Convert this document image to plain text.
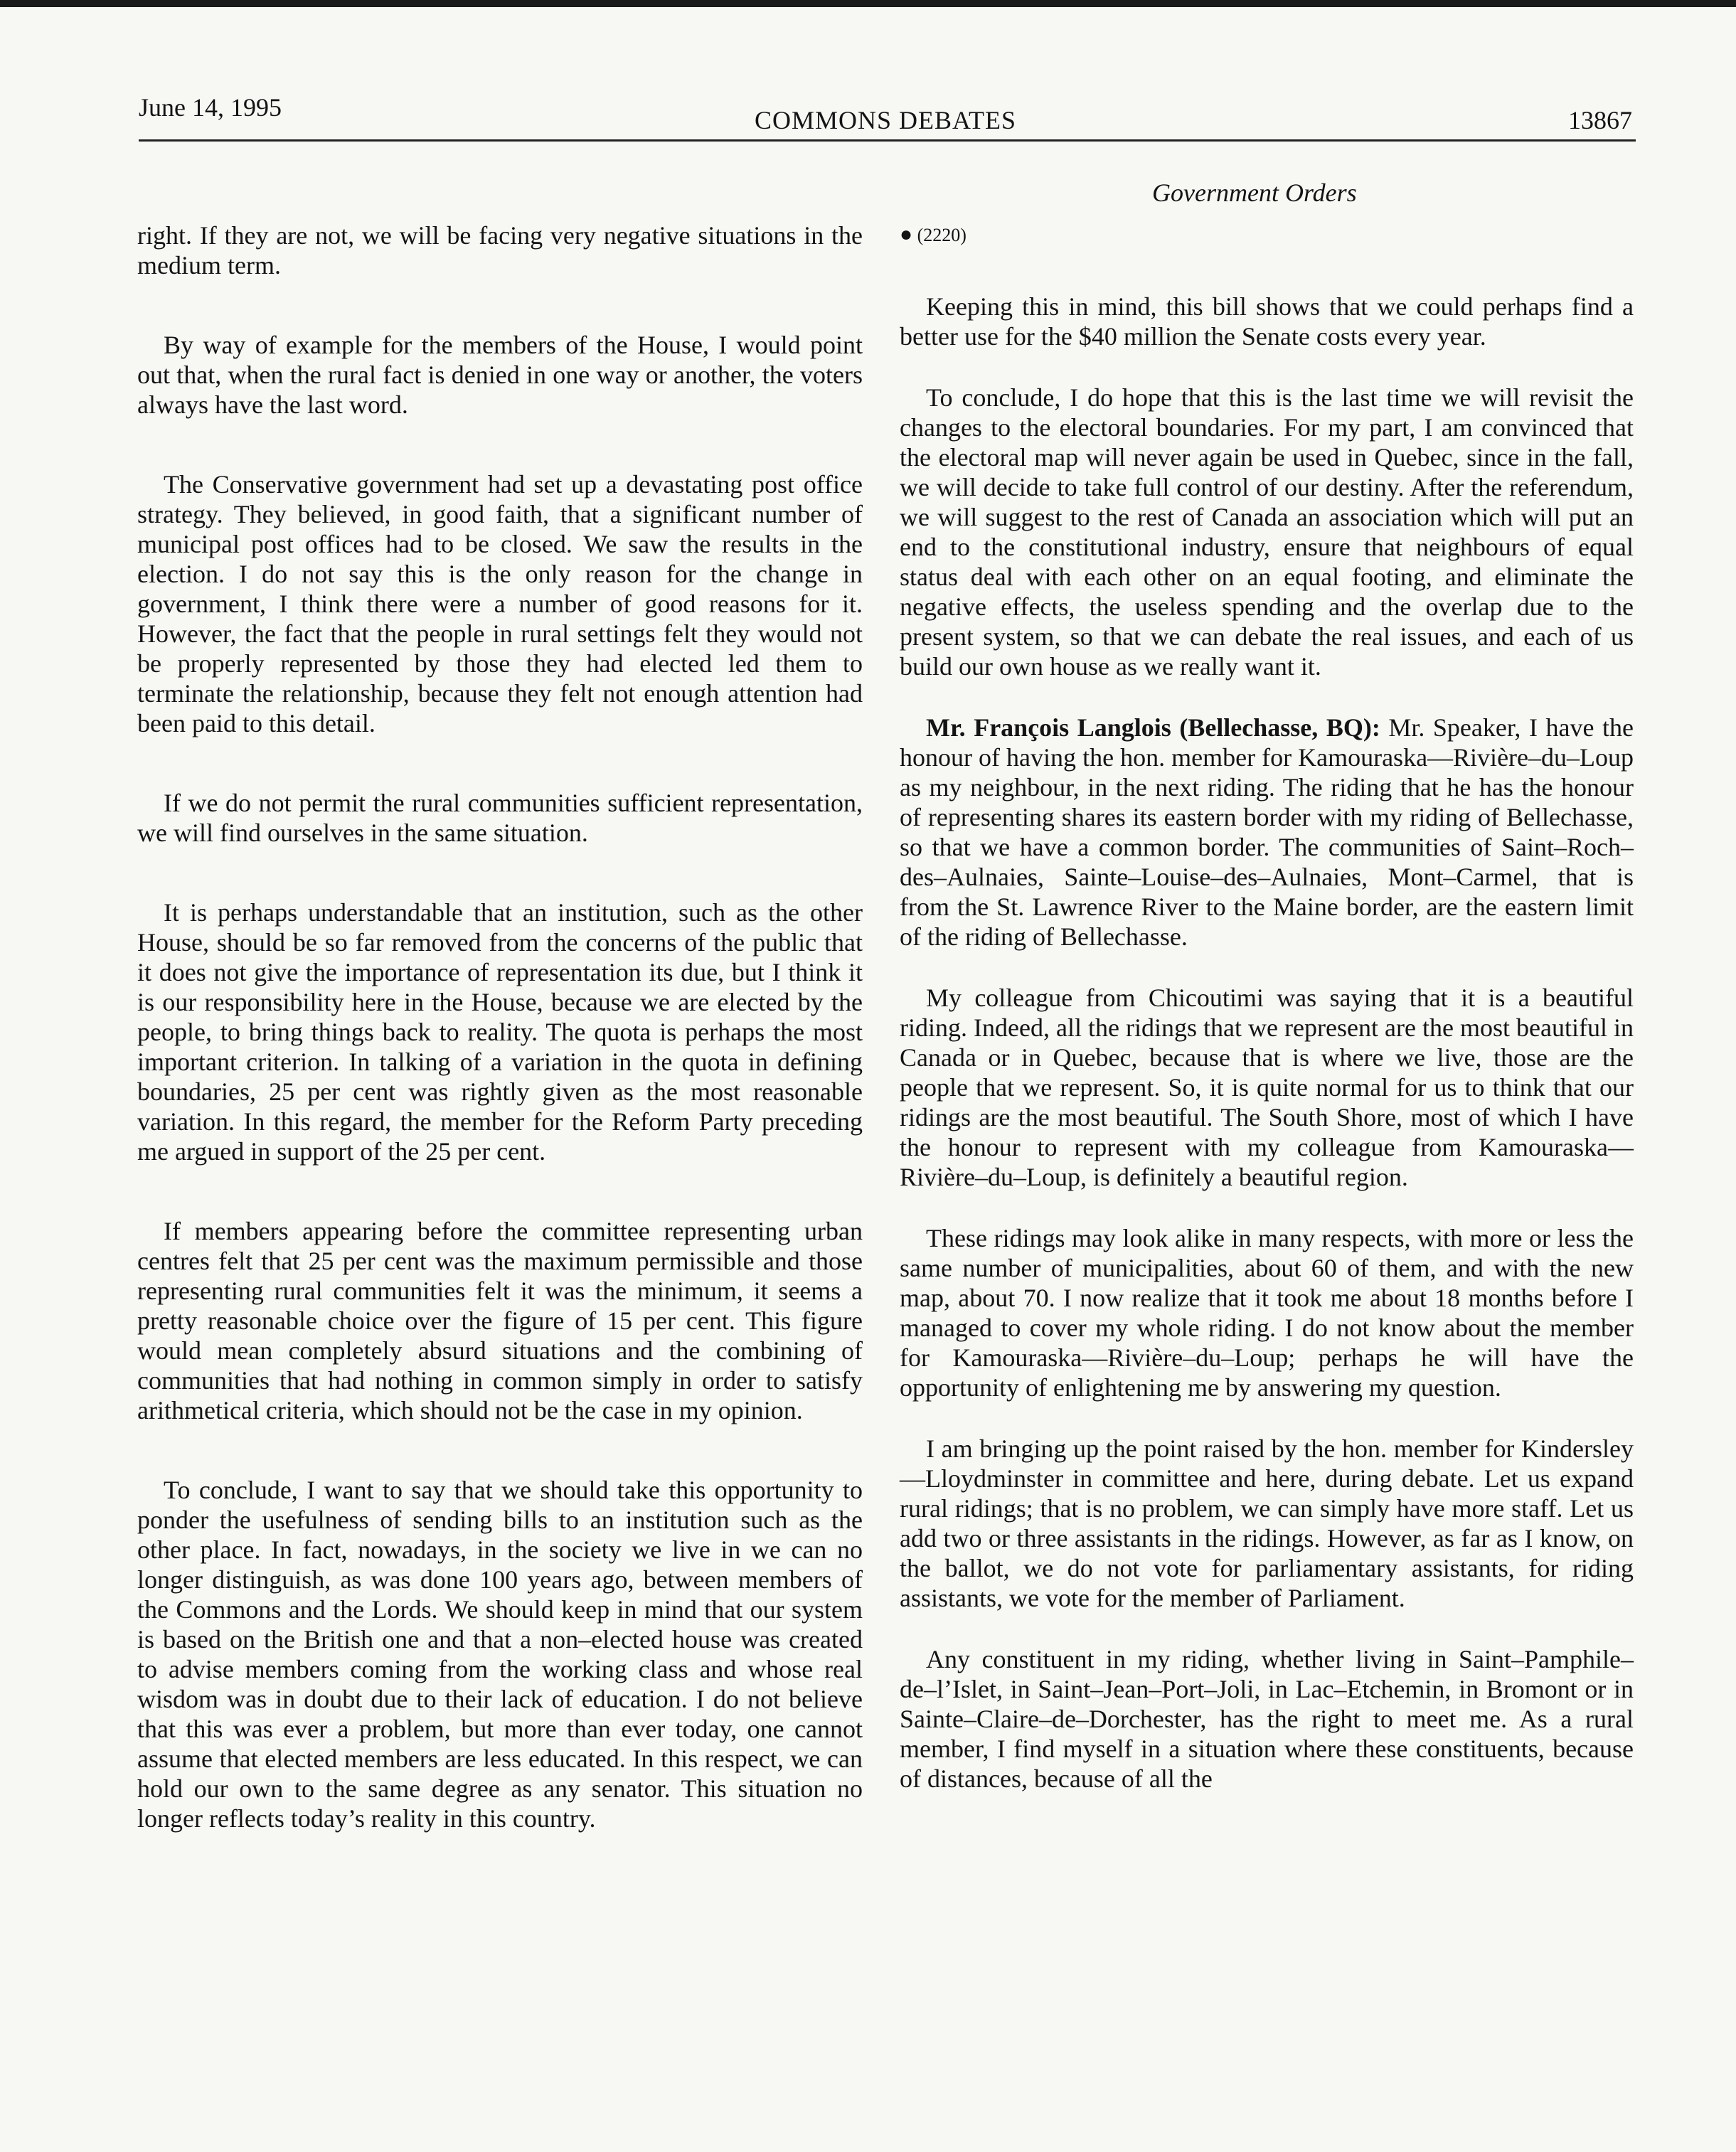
June 14, 1995	COMMONS DEBATES	13867
Government Orders

right. If they are not, we will be facing very negative situations in the medium term.

By way of example for the members of the House, I would point out that, when the rural fact is denied in one way or another, the voters always have the last word.

The Conservative government had set up a devastating post office strategy. They believed, in good faith, that a significant number of municipal post offices had to be closed. We saw the results in the election. I do not say this is the only reason for the change in government, I think there were a number of good reasons for it. However, the fact that the people in rural settings felt they would not be properly represented by those they had elected led them to terminate the relationship, because they felt not enough attention had been paid to this detail.

If we do not permit the rural communities sufficient representation, we will find ourselves in the same situation.

It is perhaps understandable that an institution, such as the other House, should be so far removed from the concerns of the public that it does not give the importance of representation its due, but I think it is our responsibility here in the House, because we are elected by the people, to bring things back to reality. The quota is perhaps the most important criterion. In talking of a variation in the quota in defining boundaries, 25 per cent was rightly given as the most reasonable variation. In this regard, the member for the Reform Party preceding me argued in support of the 25 per cent.

If members appearing before the committee representing urban centres felt that 25 per cent was the maximum permissible and those representing rural communities felt it was the minimum, it seems a pretty reasonable choice over the figure of 15 per cent. This figure would mean completely absurd situations and the combining of communities that had nothing in common simply in order to satisfy arithmetical criteria, which should not be the case in my opinion.

To conclude, I want to say that we should take this opportunity to ponder the usefulness of sending bills to an institution such as the other place. In fact, nowadays, in the society we live in we can no longer distinguish, as was done 100 years ago, between members of the Commons and the Lords. We should keep in mind that our system is based on the British one and that a non–elected house was created to advise members coming from the working class and whose real wisdom was in doubt due to their lack of education. I do not believe that this was ever a problem, but more than ever today, one cannot assume that elected members are less educated. In this respect, we can hold our own to the same degree as any senator. This situation no longer reflects today’s reality in this country.

● (2220)

Keeping this in mind, this bill shows that we could perhaps find a better use for the $40 million the Senate costs every year.

To conclude, I do hope that this is the last time we will revisit the changes to the electoral boundaries. For my part, I am convinced that the electoral map will never again be used in Quebec, since in the fall, we will decide to take full control of our destiny. After the referendum, we will suggest to the rest of Canada an association which will put an end to the constitutional industry, ensure that neighbours of equal status deal with each other on an equal footing, and eliminate the negative effects, the useless spending and the overlap due to the present system, so that we can debate the real issues, and each of us build our own house as we really want it.

Mr. François Langlois (Bellechasse, BQ): Mr. Speaker, I have the honour of having the hon. member for Kamouraska—Rivière–du–Loup as my neighbour, in the next riding. The riding that he has the honour of representing shares its eastern border with my riding of Bellechasse, so that we have a common border. The communities of Saint–Roch–des–Aulnaies, Sainte–Louise–des–Aulnaies, Mont–Carmel, that is from the St. Lawrence River to the Maine border, are the eastern limit of the riding of Bellechasse.

My colleague from Chicoutimi was saying that it is a beautiful riding. Indeed, all the ridings that we represent are the most beautiful in Canada or in Quebec, because that is where we live, those are the people that we represent. So, it is quite normal for us to think that our ridings are the most beautiful. The South Shore, most of which I have the honour to represent with my colleague from Kamouraska—Rivière–du–Loup, is definitely a beautiful region.

These ridings may look alike in many respects, with more or less the same number of municipalities, about 60 of them, and with the new map, about 70. I now realize that it took me about 18 months before I managed to cover my whole riding. I do not know about the member for Kamouraska—Rivière–du–Loup; perhaps he will have the opportunity of enlightening me by answering my question.

I am bringing up the point raised by the hon. member for Kindersley—Lloydminster in committee and here, during debate. Let us expand rural ridings; that is no problem, we can simply have more staff. Let us add two or three assistants in the ridings. However, as far as I know, on the ballot, we do not vote for parliamentary assistants, for riding assistants, we vote for the member of Parliament.

Any constituent in my riding, whether living in Saint–Pamphile– de–l’Islet, in Saint–Jean–Port–Joli, in Lac–Etchemin, in Bromont or in Sainte–Claire–de–Dorchester, has the right to meet me. As a rural member, I find myself in a situation where these constituents, because of distances, because of all the
